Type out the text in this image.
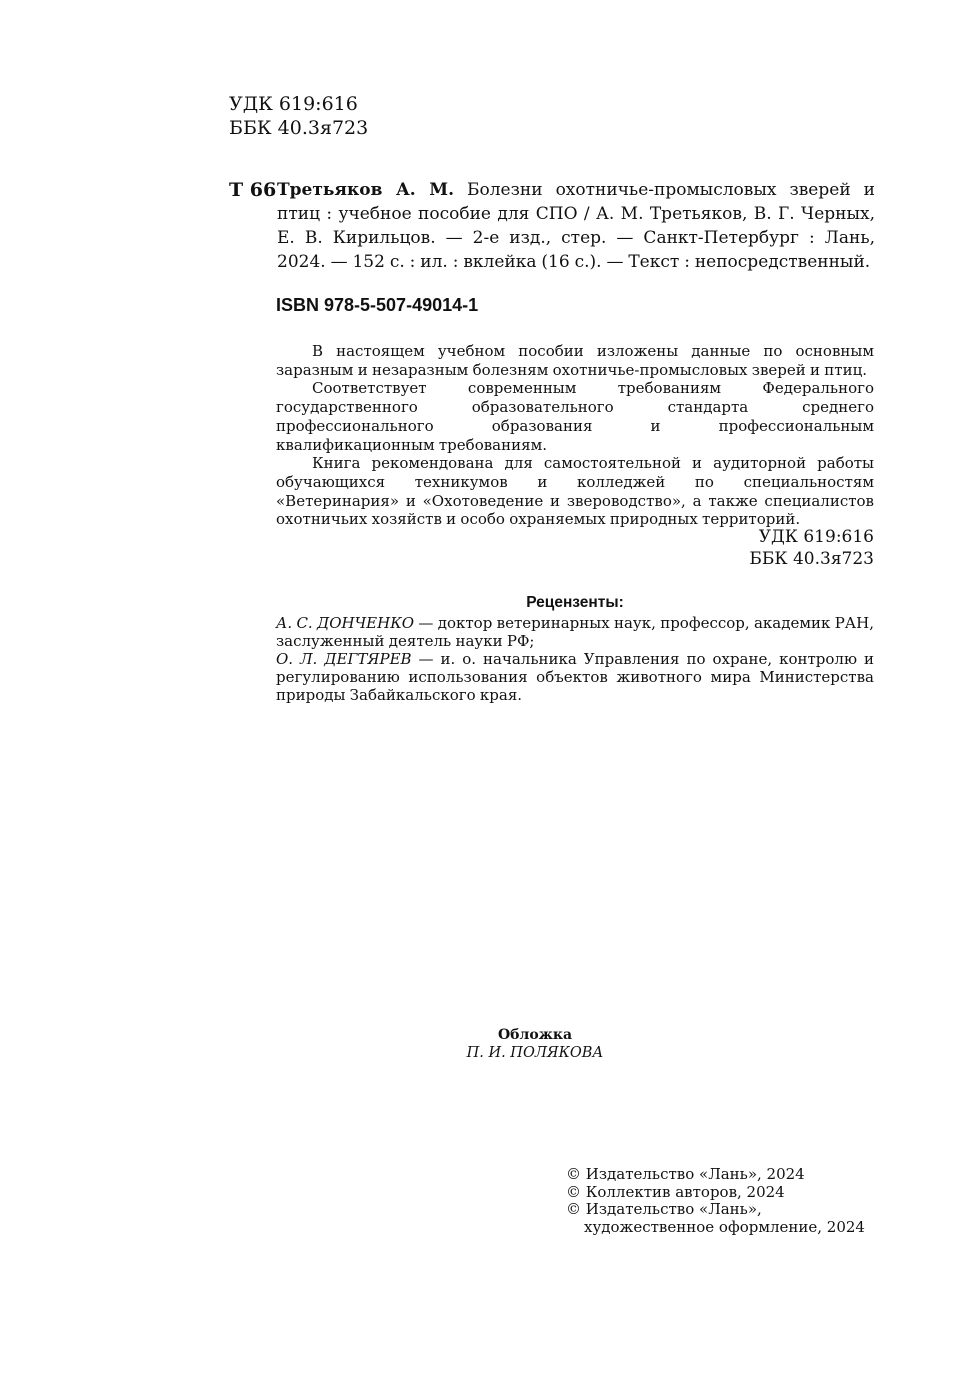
УДК 619:616
ББК 40.3я723
Т 66 Третьяков А. М. Болезни охотничье-промысловых зверей и
птиц : учебное пособие для СПО / А. М. Третьяков, В. Г. Черных,
Е. В. Кирильцов. — 2-е изд., стер. — Санкт-Петербург : Лань,
2024. — 152 с. : ил. : вклейка (16 с.). — Текст : непосредственный.
ISBN 978-5-507-49014-1

В настоящем учебном пособии изложены данные по основным заразным и незаразным болезням охотничье-промысловых зверей и птиц.

Соответствует современным требованиям Федерального государственного образовательного стандарта среднего профессионального образования и профессиональным квалификационным требованиям.

Книга рекомендована для самостоятельной и аудиторной работы обучающихся техникумов и колледжей по специальностям «Ветеринария» и «Охотоведение и звероводство», а также специалистов охотничьих хозяйств и особо охраняемых природных территорий.

УДК 619:616
ББК 40.3я723
Рецензенты:

А. С. ДОНЧЕНКО — доктор ветеринарных наук, профессор, академик РАН, заслуженный деятель науки РФ;

О. Л. ДЕГТЯРЕВ — и. о. начальника Управления по охране, контролю и регулированию использования объектов животного мира Министерства природы Забайкальского края.

Обложка
П. И. ПОЛЯКОВА
© Издательство «Лань», 2024
© Коллектив авторов, 2024
© Издательство «Лань»,
художественное оформление, 2024
